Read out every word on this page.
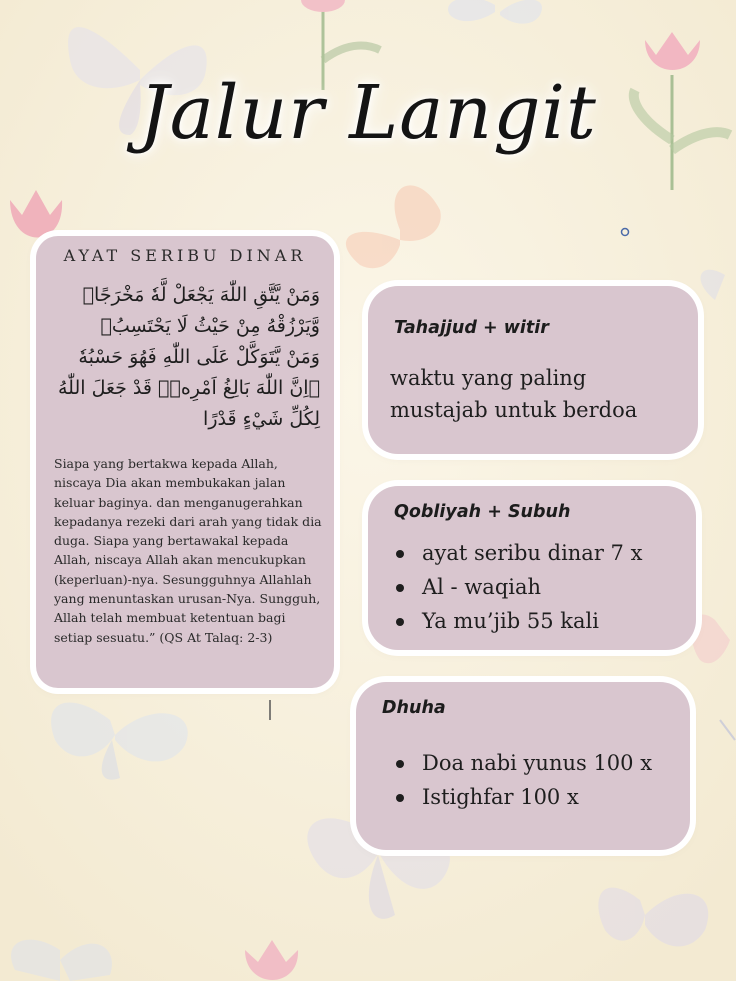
Jalur Langit
AYAT SERIBU DINAR
وَمَنْ يَّتَّقِ اللّٰهَ يَجْعَلْ لَّهٗ مَخْرَجًاۙ
وَّيَرْزُقْهُ مِنْ حَيْثُ لَا يَحْتَسِبُۗ
وَمَنْ يَّتَوَكَّلْ عَلَى اللّٰهِ فَهُوَ حَسْبُهٗ
ۗاِنَّ اللّٰهَ بَالِغُ اَمْرِهٖۗ قَدْ جَعَلَ اللّٰهُ
لِكُلِّ شَيْءٍ قَدْرًا
Siapa yang bertakwa kepada Allah, niscaya Dia akan membukakan jalan keluar baginya. dan menganugerahkan kepadanya rezeki dari arah yang tidak dia duga. Siapa yang bertawakal kepada Allah, niscaya Allah akan mencukupkan (keperluan)-nya. Sesungguhnya Allahlah yang menuntaskan urusan-Nya. Sungguh, Allah telah membuat ketentuan bagi setiap sesuatu.” (QS At Talaq: 2-3)
Tahajjud + witir
waktu yang paling mustajab untuk berdoa
Qobliyah + Subuh
ayat seribu dinar 7 x
Al - waqiah
Ya mu’jib 55 kali
Dhuha
Doa nabi yunus 100 x
Istighfar 100 x
